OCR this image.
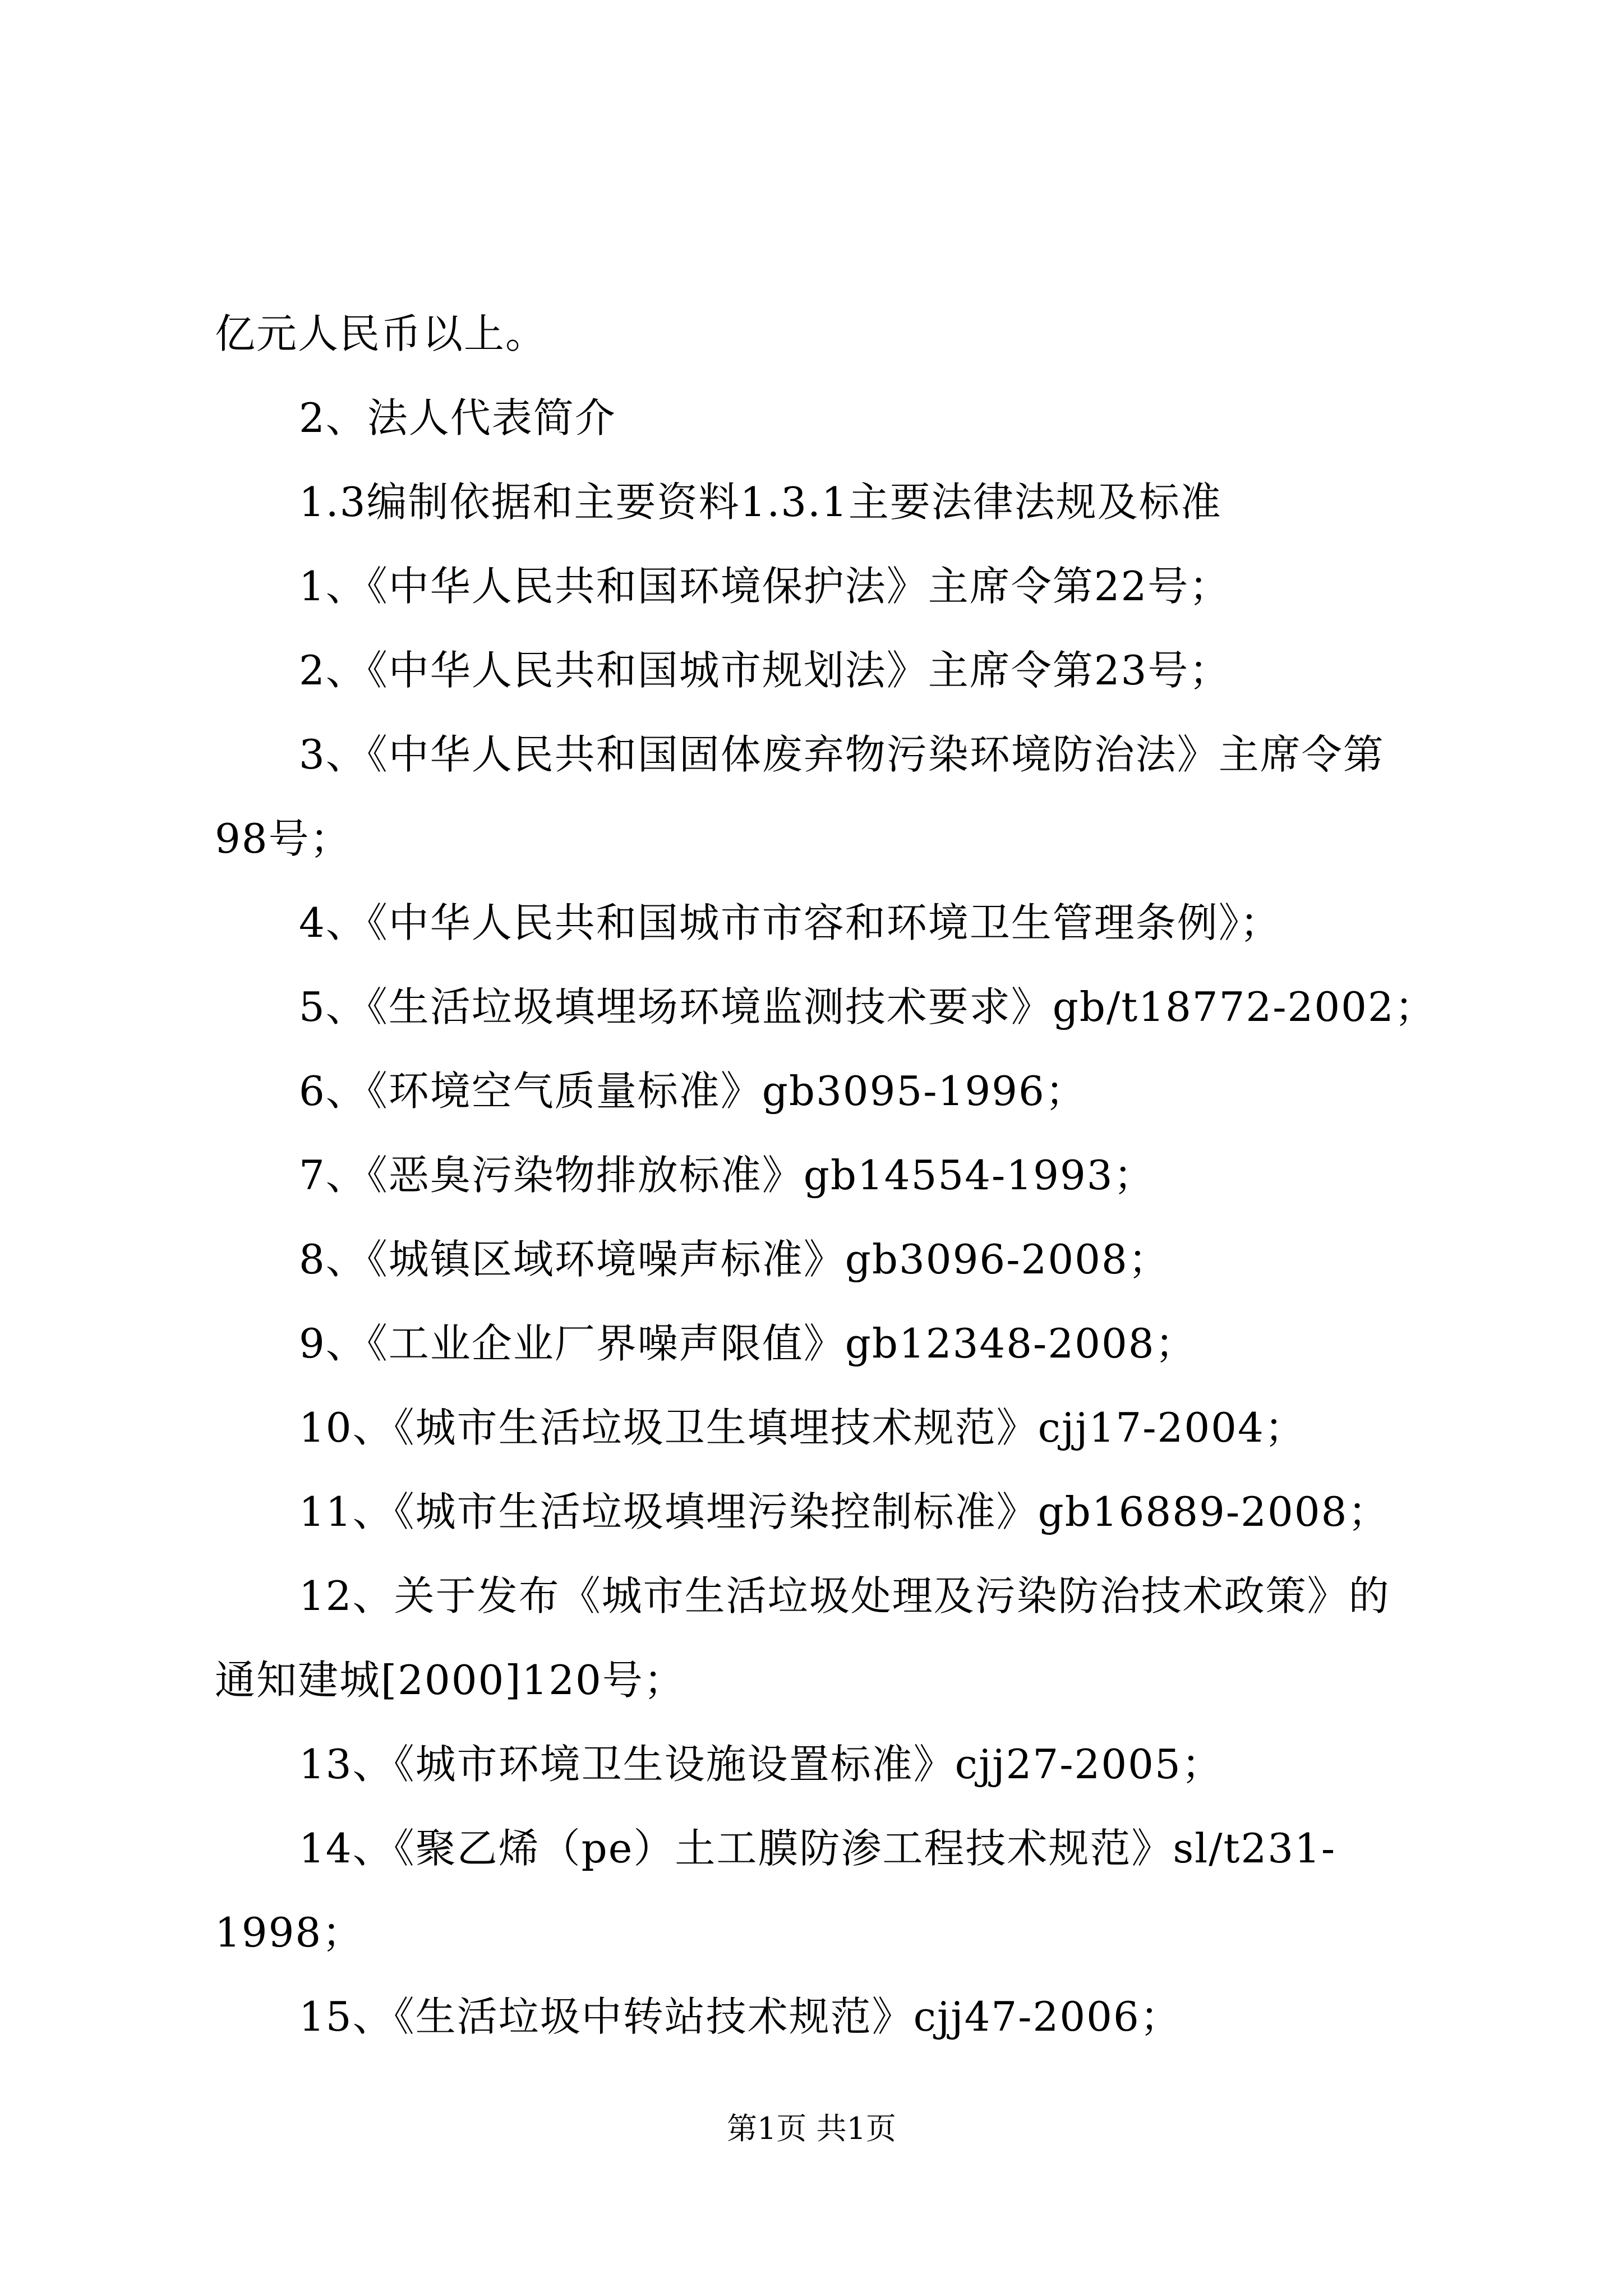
亿元人民币以上。
2、法人代表简介
1.3编制依据和主要资料1.3.1主要法律法规及标准
1、《中华人民共和国环境保护法》主席令第22号；
2、《中华人民共和国城市规划法》主席令第23号；
3、《中华人民共和国固体废弃物污染环境防治法》主席令第
98号；
4、《中华人民共和国城市市容和环境卫生管理条例》；
5、《生活垃圾填埋场环境监测技术要求》gb/t18772-2002；
6、《环境空气质量标准》gb3095-1996；
7、《恶臭污染物排放标准》gb14554-1993；
8、《城镇区域环境噪声标准》gb3096-2008；
9、《工业企业厂界噪声限值》gb12348-2008；
10、《城市生活垃圾卫生填埋技术规范》cjj17-2004；
11、《城市生活垃圾填埋污染控制标准》gb16889-2008；
12、关于发布《城市生活垃圾处理及污染防治技术政策》的
通知建城[2000]120号；
13、《城市环境卫生设施设置标准》cjj27-2005；
14、《聚乙烯（pe）土工膜防渗工程技术规范》sl/t231-
1998；
15、《生活垃圾中转站技术规范》cjj47-2006；
第1页 共1页
